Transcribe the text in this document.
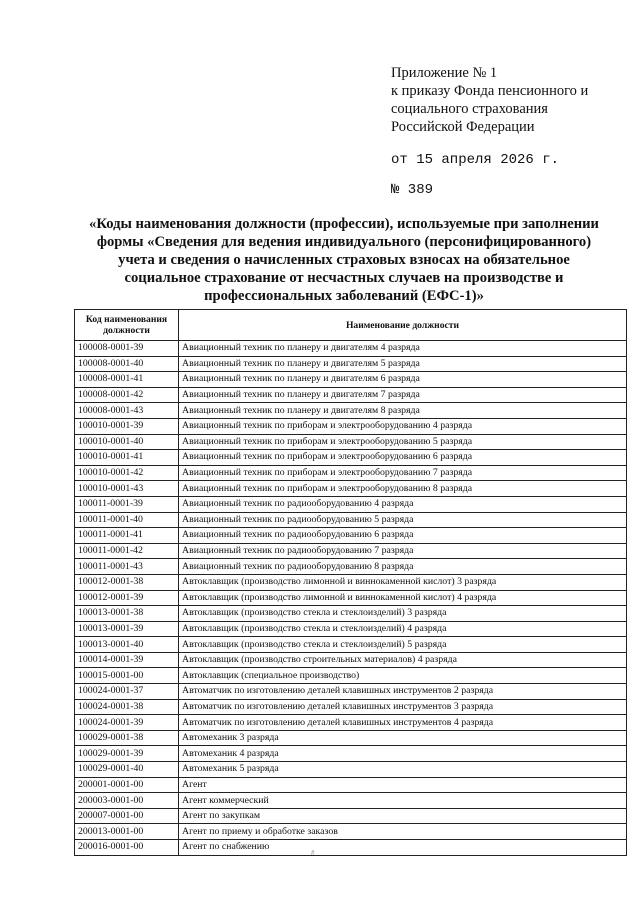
Приложение № 1
к приказу Фонда пенсионного и
социального страхования
Российской Федерации
от 15 апреля 2026 г.
№ 389
«Коды наименования должности (профессии), используемые при заполнении
формы «Сведения для ведения индивидуального (персонифицированного)
учета и сведения о начисленных страховых взносах на обязательное
социальное страхование от несчастных случаев на производстве и
профессиональных заболеваний (ЕФС-1)»
Код наименования должности	Наименование должности
100008-0001-39	Авиационный техник по планеру и двигателям 4 разряда
100008-0001-40	Авиационный техник по планеру и двигателям 5 разряда
100008-0001-41	Авиационный техник по планеру и двигателям 6 разряда
100008-0001-42	Авиационный техник по планеру и двигателям 7 разряда
100008-0001-43	Авиационный техник по планеру и двигателям 8 разряда
100010-0001-39	Авиационный техник по приборам и электрооборудованию 4 разряда
100010-0001-40	Авиационный техник по приборам и электрооборудованию 5 разряда
100010-0001-41	Авиационный техник по приборам и электрооборудованию 6 разряда
100010-0001-42	Авиационный техник по приборам и электрооборудованию 7 разряда
100010-0001-43	Авиационный техник по приборам и электрооборудованию 8 разряда
100011-0001-39	Авиационный техник по радиооборудованию 4 разряда
100011-0001-40	Авиационный техник по радиооборудованию 5 разряда
100011-0001-41	Авиационный техник по радиооборудованию 6 разряда
100011-0001-42	Авиационный техник по радиооборудованию 7 разряда
100011-0001-43	Авиационный техник по радиооборудованию 8 разряда
100012-0001-38	Автоклавщик (производство лимонной и виннокаменной кислот) 3 разряда
100012-0001-39	Автоклавщик (производство лимонной и виннокаменной кислот) 4 разряда
100013-0001-38	Автоклавщик (производство стекла и стеклоизделий) 3 разряда
100013-0001-39	Автоклавщик (производство стекла и стеклоизделий) 4 разряда
100013-0001-40	Автоклавщик (производство стекла и стеклоизделий) 5 разряда
100014-0001-39	Автоклавщик (производство строительных материалов) 4 разряда
100015-0001-00	Автоклавщик (специальное производство)
100024-0001-37	Автоматчик по изготовлению деталей клавишных инструментов 2 разряда
100024-0001-38	Автоматчик по изготовлению деталей клавишных инструментов 3 разряда
100024-0001-39	Автоматчик по изготовлению деталей клавишных инструментов 4 разряда
100029-0001-38	Автомеханик 3 разряда
100029-0001-39	Автомеханик 4 разряда
100029-0001-40	Автомеханик 5 разряда
200001-0001-00	Агент
200003-0001-00	Агент коммерческий
200007-0001-00	Агент по закупкам
200013-0001-00	Агент по приему и обработке заказов
200016-0001-00	Агент по снабжению
#
